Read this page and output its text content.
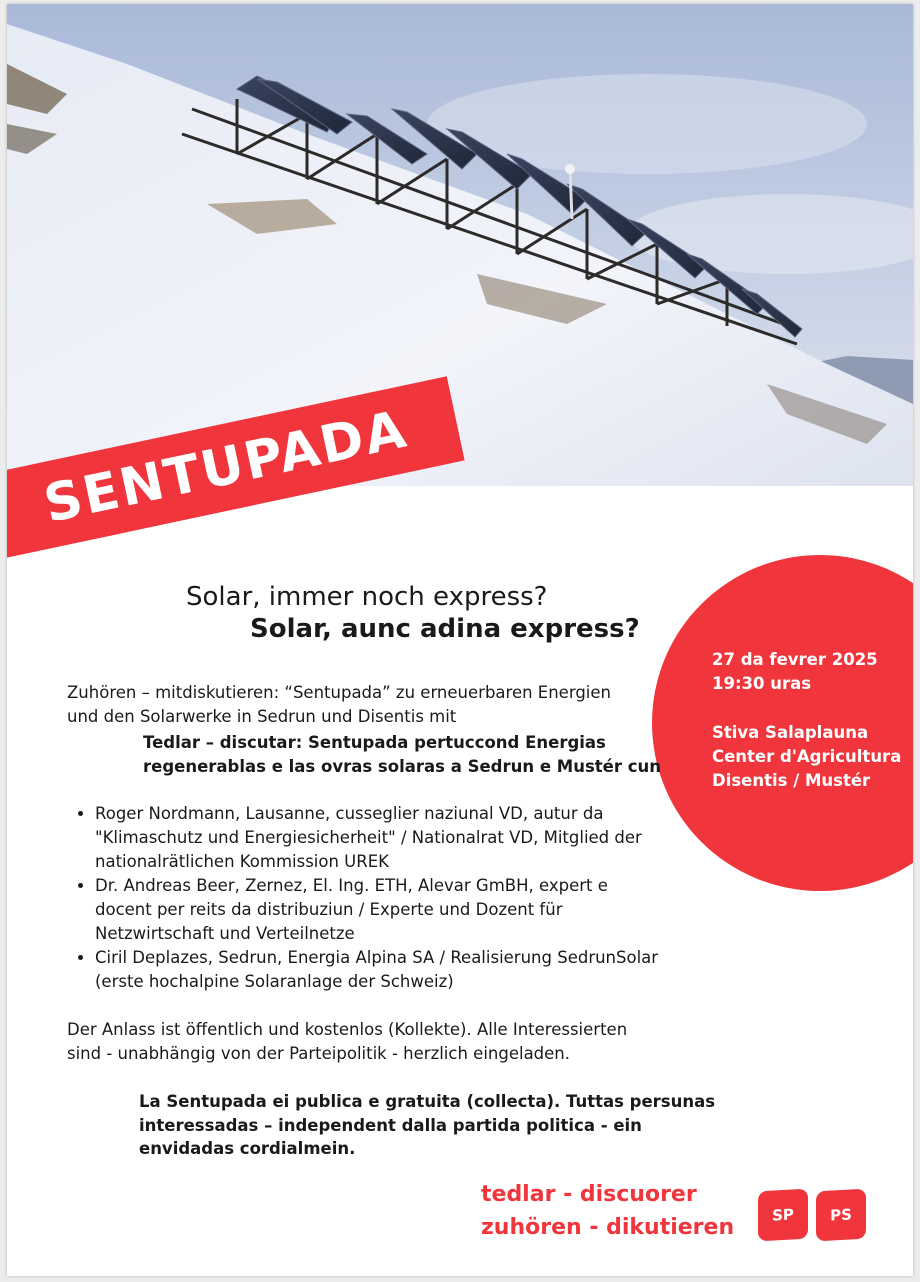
SENTUPADA
Solar, immer noch express?
Solar, aunc adina express?
27 da fevrer 2025
19:30 uras
Stiva Salaplauna
Center d'Agricultura
Disentis / Mustér
Zuhören – mitdiskutieren: “Sentupada” zu erneuerbaren Energien
und den Solarwerke in Sedrun und Disentis mit
Tedlar – discutar: Sentupada pertuccond Energias
regenerablas e las ovras solaras a Sedrun e Mustér cun
• Roger Nordmann, Lausanne, cusseglier naziunal VD, autur da
"Klimaschutz und Energiesicherheit" / Nationalrat VD, Mitglied der
nationalrätlichen Kommission UREK
• Dr. Andreas Beer, Zernez, El. Ing. ETH, Alevar GmBH, expert e
docent per reits da distribuziun / Experte und Dozent für
Netzwirtschaft und Verteilnetze
• Ciril Deplazes, Sedrun, Energia Alpina SA / Realisierung SedrunSolar
(erste hochalpine Solaranlage der Schweiz)
Der Anlass ist öffentlich und kostenlos (Kollekte). Alle Interessierten
sind - unabhängig von der Parteipolitik - herzlich eingeladen.
La Sentupada ei publica e gratuita (collecta). Tuttas persunas
interessadas – independent dalla partida politica - ein
envidadas cordialmein.
tedlar - discuorer
zuhören - dikutieren	SP	PS
